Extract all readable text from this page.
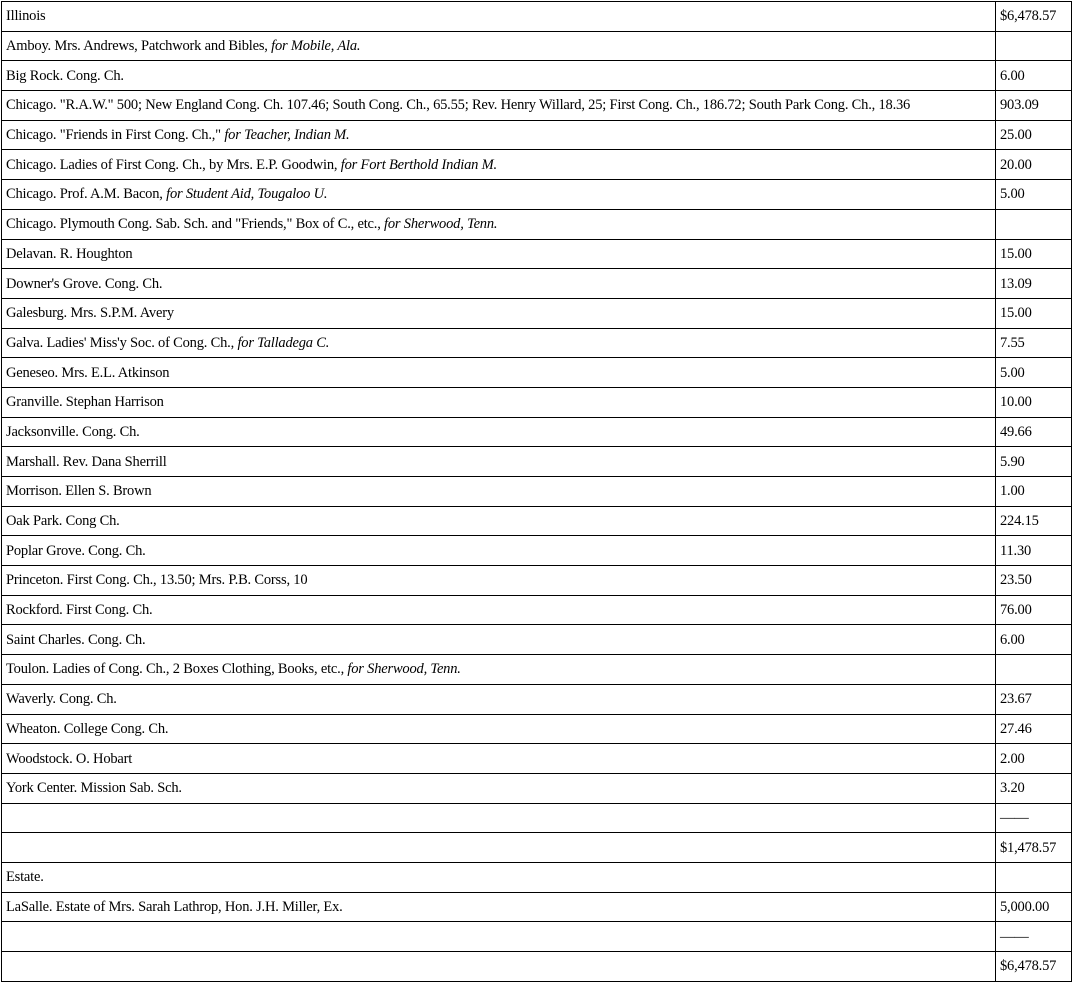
Illinois	$6,478.57
Amboy. Mrs. Andrews, Patchwork and Bibles, for Mobile, Ala.	
Big Rock. Cong. Ch.	6.00
Chicago. "R.A.W." 500; New England Cong. Ch. 107.46; South Cong. Ch., 65.55; Rev. Henry Willard, 25; First Cong. Ch., 186.72; South Park Cong. Ch., 18.36	903.09
Chicago. "Friends in First Cong. Ch.," for Teacher, Indian M.	25.00
Chicago. Ladies of First Cong. Ch., by Mrs. E.P. Goodwin, for Fort Berthold Indian M.	20.00
Chicago. Prof. A.M. Bacon, for Student Aid, Tougaloo U.	5.00
Chicago. Plymouth Cong. Sab. Sch. and "Friends," Box of C., etc., for Sherwood, Tenn.	
Delavan. R. Houghton	15.00
Downer's Grove. Cong. Ch.	13.09
Galesburg. Mrs. S.P.M. Avery	15.00
Galva. Ladies' Miss'y Soc. of Cong. Ch., for Talladega C.	7.55
Geneseo. Mrs. E.L. Atkinson	5.00
Granville. Stephan Harrison	10.00
Jacksonville. Cong. Ch.	49.66
Marshall. Rev. Dana Sherrill	5.90
Morrison. Ellen S. Brown	1.00
Oak Park. Cong Ch.	224.15
Poplar Grove. Cong. Ch.	11.30
Princeton. First Cong. Ch., 13.50; Mrs. P.B. Corss, 10	23.50
Rockford. First Cong. Ch.	76.00
Saint Charles. Cong. Ch.	6.00
Toulon. Ladies of Cong. Ch., 2 Boxes Clothing, Books, etc., for Sherwood, Tenn.	
Waverly. Cong. Ch.	23.67
Wheaton. College Cong. Ch.	27.46
Woodstock. O. Hobart	2.00
York Center. Mission Sab. Sch.	3.20
	——
	$1,478.57
Estate.	
LaSalle. Estate of Mrs. Sarah Lathrop, Hon. J.H. Miller, Ex.	5,000.00
	——
	$6,478.57
